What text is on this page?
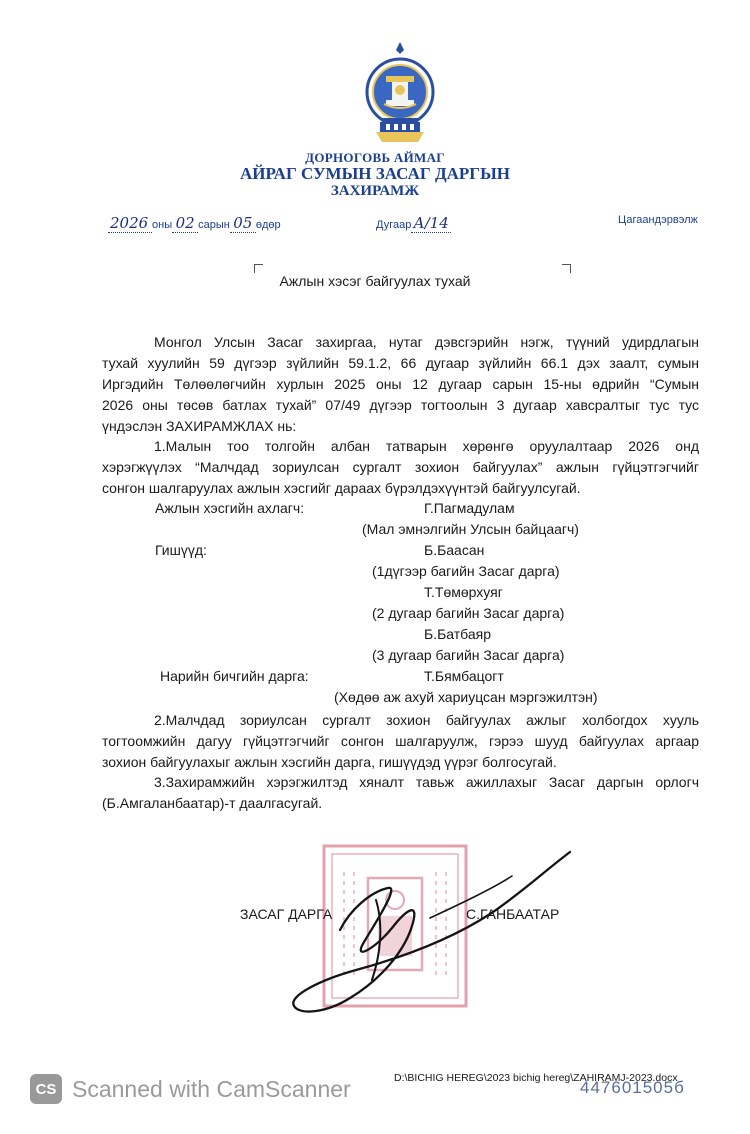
ДОРНОГОВЬ АЙМАГ
АЙРАГ СУМЫН ЗАСАГ ДАРГЫН
ЗАХИРАМЖ
2026 оны 02 сарын 05 өдөр	Дугаар А/14	Цагаандэрвэлж
Ажлын хэсэг байгуулах тухай
Монгол Улсын Засаг захиргаа, нутаг дэвсгэрийн нэгж, түүний удирдлагын
тухай хуулийн 59 дүгээр зүйлийн 59.1.2, 66 дугаар зүйлийн 66.1 дэх заалт, сумын
Иргэдийн Төлөөлөгчийн хурлын 2025 оны 12 дугаар сарын 15-ны өдрийн “Сумын
2026 оны төсөв батлах тухай” 07/49 дүгээр тогтоолын 3 дугаар хавсралтыг тус тус
үндэслэн ЗАХИРАМЖЛАХ нь:
1.Малын тоо толгойн албан татварын хөрөнгө оруулалтаар 2026 онд
хэрэгжүүлэх “Малчдад зориулсан сургалт зохион байгуулах” ажлын гүйцэтгэгчийг
сонгон шалгаруулах ажлын хэсгийг дараах бүрэлдэхүүнтэй байгуулсугай.
Ажлын хэсгийн ахлагч:	Г.Пагмадулам
(Мал эмнэлгийн Улсын байцаагч)
Гишүүд:	Б.Баасан
(1дүгээр багийн Засаг дарга)
Т.Төмөрхуяг
(2 дугаар багийн Засаг дарга)
Б.Батбаяр
(3 дугаар багийн Засаг дарга)
Нарийн бичгийн дарга:	Т.Бямбацогт
(Хөдөө аж ахуй хариуцсан мэргэжилтэн)
2.Малчдад зориулсан сургалт зохион байгуулах ажлыг холбогдох хууль
тогтоомжийн дагуу гүйцэтгэгчийг сонгон шалгаруулж, гэрээ шууд байгуулах аргаар
зохион байгуулахыг ажлын хэсгийн дарга, гишүүдэд үүрэг болгосугай.
3.Захирамжийн хэрэгжилтэд хяналт тавьж ажиллахыг Засаг даргын орлогч
(Б.Амгаланбаатар)-т даалгасугай.
ЗАСАГ ДАРГА	С.ГАНБААТАР
447601505б
D:\BICHIG HEREG\2023 bichig hereg\ZAHIRAMJ-2023.docx
CS Scanned with CamScanner
